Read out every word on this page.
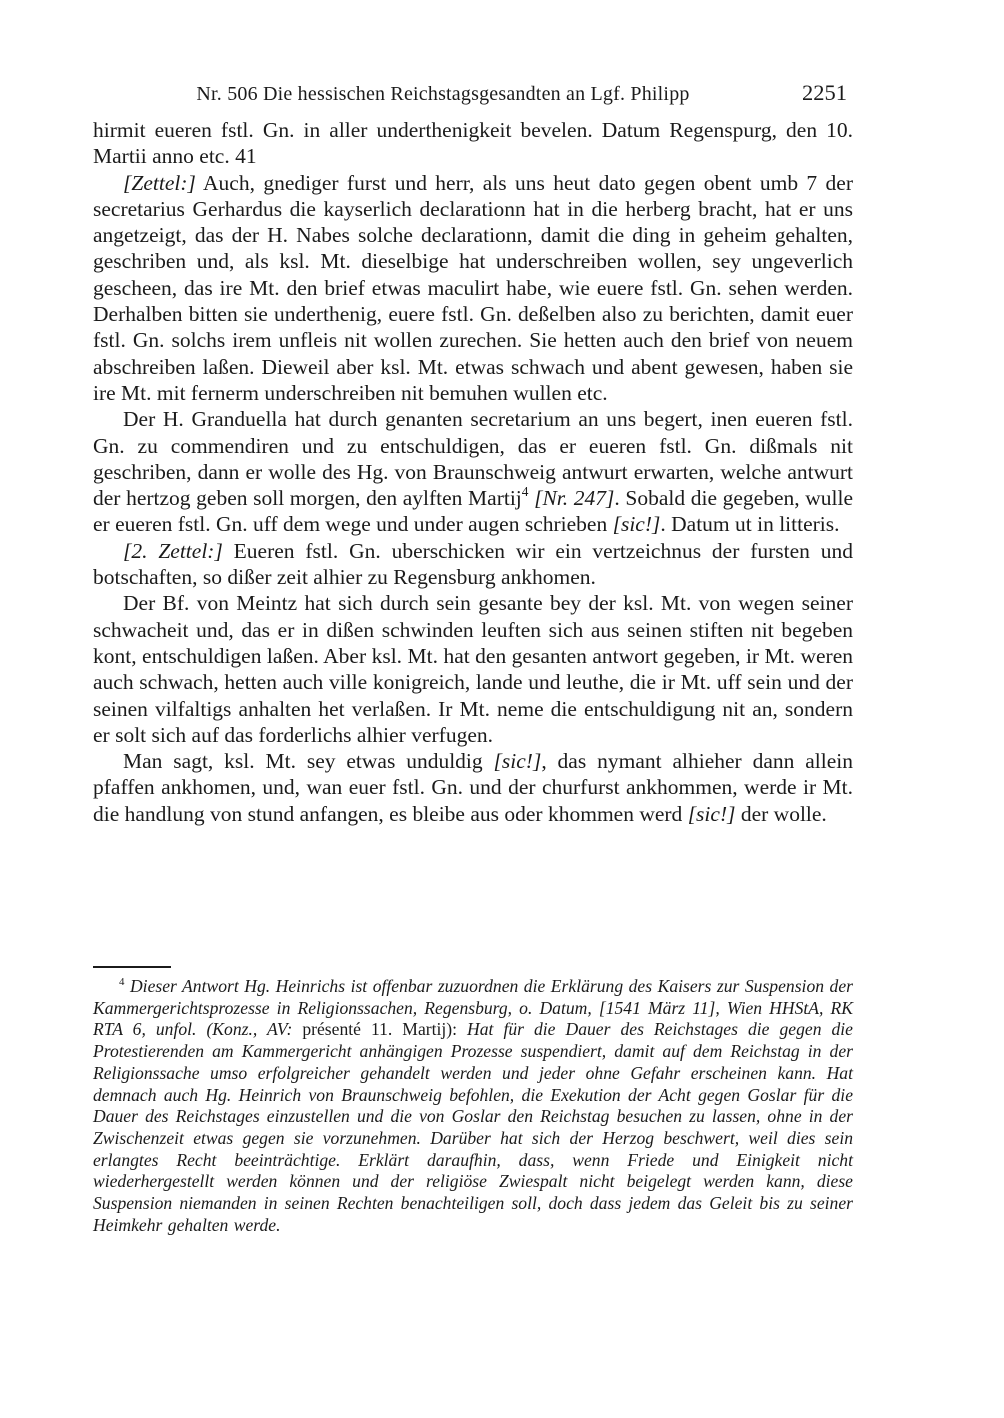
Nr. 506 Die hessischen Reichstagsgesandten an Lgf. Philipp	2251

hirmit eueren fstl. Gn. in aller underthenigkeit bevelen. Datum Regenspurg, den 10. Martii anno etc. 41

[Zettel:] Auch, gnediger furst und herr, als uns heut dato gegen obent umb 7 der secretarius Gerhardus die kayserlich declarationn hat in die herberg bracht, hat er uns angetzeigt, das der H. Nabes solche declarationn, damit die ding in geheim gehalten, geschriben und, als ksl. Mt. dieselbige hat underschreiben wollen, sey ungeverlich gescheen, das ire Mt. den brief etwas maculirt habe, wie euere fstl. Gn. sehen werden. Derhalben bitten sie underthenig, euere fstl. Gn. deßelben also zu berichten, damit euer fstl. Gn. solchs irem unfleis nit wollen zurechen. Sie hetten auch den brief von neuem abschreiben laßen. Dieweil aber ksl. Mt. etwas schwach und abent gewesen, haben sie ire Mt. mit fernerm underschreiben nit bemuhen wullen etc.

Der H. Granduella hat durch genanten secretarium an uns begert, inen eueren fstl. Gn. zu commendiren und zu entschuldigen, das er eueren fstl. Gn. dißmals nit geschriben, dann er wolle des Hg. von Braunschweig antwurt erwarten, welche antwurt der hertzog geben soll morgen, den aylften Martij$^4$ [Nr. 247]. Sobald die gegeben, wulle er eueren fstl. Gn. uff dem wege und under augen schrieben [sic!]. Datum ut in litteris.

[2. Zettel:] Eueren fstl. Gn. uberschicken wir ein vertzeichnus der fursten und botschaften, so dißer zeit alhier zu Regensburg ankhomen.

Der Bf. von Meintz hat sich durch sein gesante bey der ksl. Mt. von wegen seiner schwacheit und, das er in dißen schwinden leuften sich aus seinen stiften nit begeben kont, entschuldigen laßen. Aber ksl. Mt. hat den gesanten antwort gegeben, ir Mt. weren auch schwach, hetten auch ville konigreich, lande und leuthe, die ir Mt. uff sein und der seinen vilfaltigs anhalten het verlaßen. Ir Mt. neme die entschuldigung nit an, sondern er solt sich auf das forderlichs alhier verfugen.

Man sagt, ksl. Mt. sey etwas unduldig [sic!], das nymant alhieher dann allein pfaffen ankhomen, und, wan euer fstl. Gn. und der churfurst ankhommen, werde ir Mt. die handlung von stund anfangen, es bleibe aus oder khommen werd [sic!] der wolle.

$^4$ Dieser Antwort Hg. Heinrichs ist offenbar zuzuordnen die Erklärung des Kaisers zur Suspension der Kammergerichtsprozesse in Religionssachen, Regensburg, o. Datum, [1541 März 11], Wien HHStA, RK RTA 6, unfol. (Konz., AV: présenté 11. Martij): Hat für die Dauer des Reichstages die gegen die Protestierenden am Kammergericht anhängigen Prozesse suspendiert, damit auf dem Reichstag in der Religionssache umso erfolgreicher gehandelt werden und jeder ohne Gefahr erscheinen kann. Hat demnach auch Hg. Heinrich von Braunschweig befohlen, die Exekution der Acht gegen Goslar für die Dauer des Reichstages einzustellen und die von Goslar den Reichstag besuchen zu lassen, ohne in der Zwischenzeit etwas gegen sie vorzunehmen. Darüber hat sich der Herzog beschwert, weil dies sein erlangtes Recht beeinträchtige. Erklärt daraufhin, dass, wenn Friede und Einigkeit nicht wiederhergestellt werden können und der religiöse Zwiespalt nicht beigelegt werden kann, diese Suspension niemanden in seinen Rechten benachteiligen soll, doch dass jedem das Geleit bis zu seiner Heimkehr gehalten werde.
